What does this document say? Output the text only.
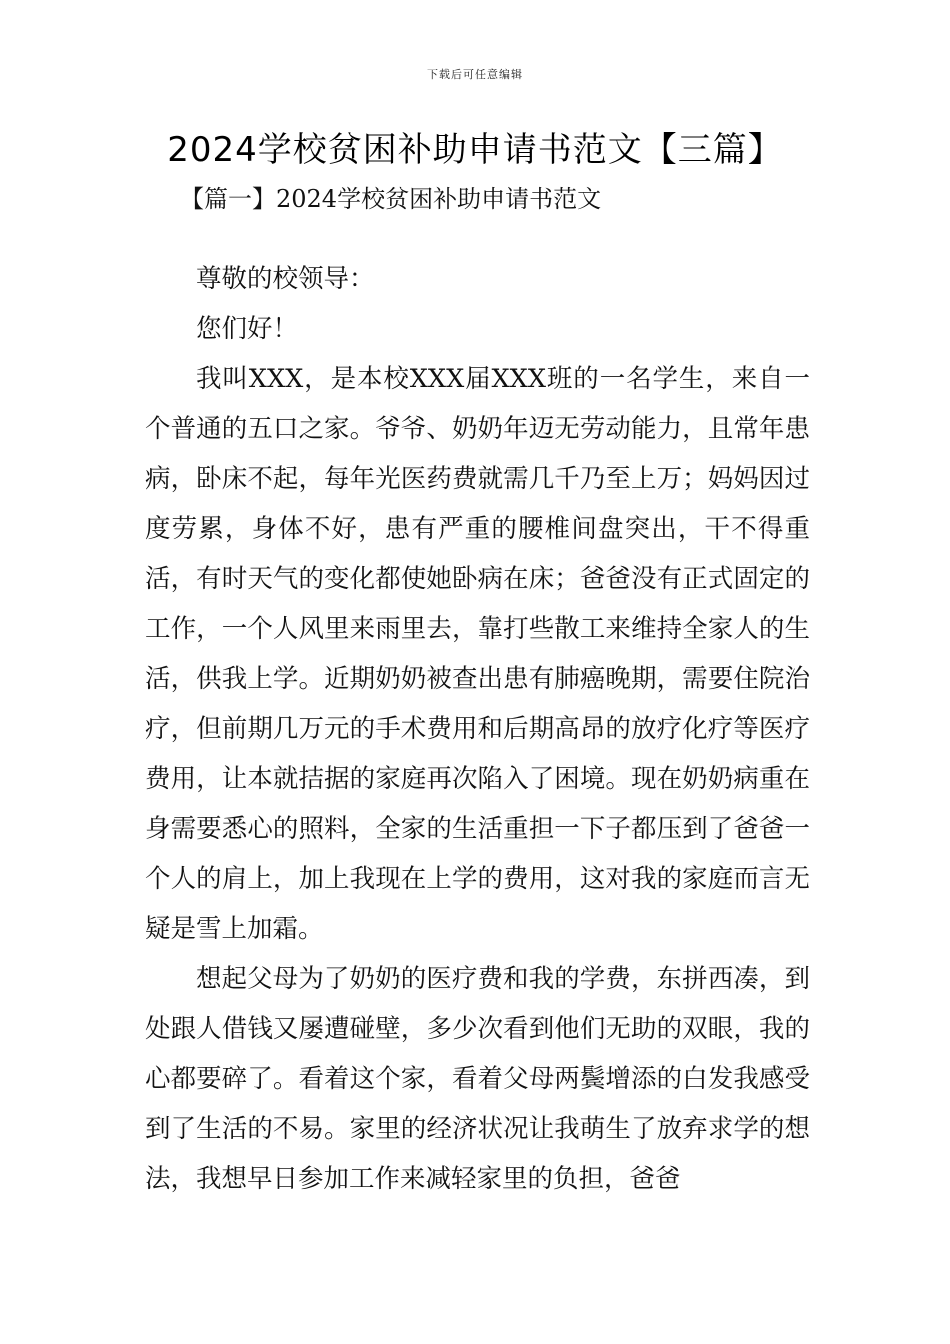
下载后可任意编辑
2024学校贫困补助申请书范文【三篇】

【篇一】2024学校贫困补助申请书范文

尊敬的校领导：

您们好！

我叫XXX，是本校XXX届XXX班的一名学生，来自一个普通的五口之家。爷爷、奶奶年迈无劳动能力，且常年患病，卧床不起，每年光医药费就需几千乃至上万；妈妈因过度劳累，身体不好，患有严重的腰椎间盘突出，干不得重活，有时天气的变化都使她卧病在床；爸爸没有正式固定的工作，一个人风里来雨里去，靠打些散工来维持全家人的生活，供我上学。近期奶奶被查出患有肺癌晚期，需要住院治疗，但前期几万元的手术费用和后期高昂的放疗化疗等医疗费用，让本就拮据的家庭再次陷入了困境。现在奶奶病重在身需要悉心的照料，全家的生活重担一下子都压到了爸爸一个人的肩上，加上我现在上学的费用，这对我的家庭而言无疑是雪上加霜。

想起父母为了奶奶的医疗费和我的学费，东拼西凑，到处跟人借钱又屡遭碰壁，多少次看到他们无助的双眼，我的心都要碎了。看着这个家，看着父母两鬓增添的白发我感受到了生活的不易。家里的经济状况让我萌生了放弃求学的想法，我想早日参加工作来减轻家里的负担，爸爸
